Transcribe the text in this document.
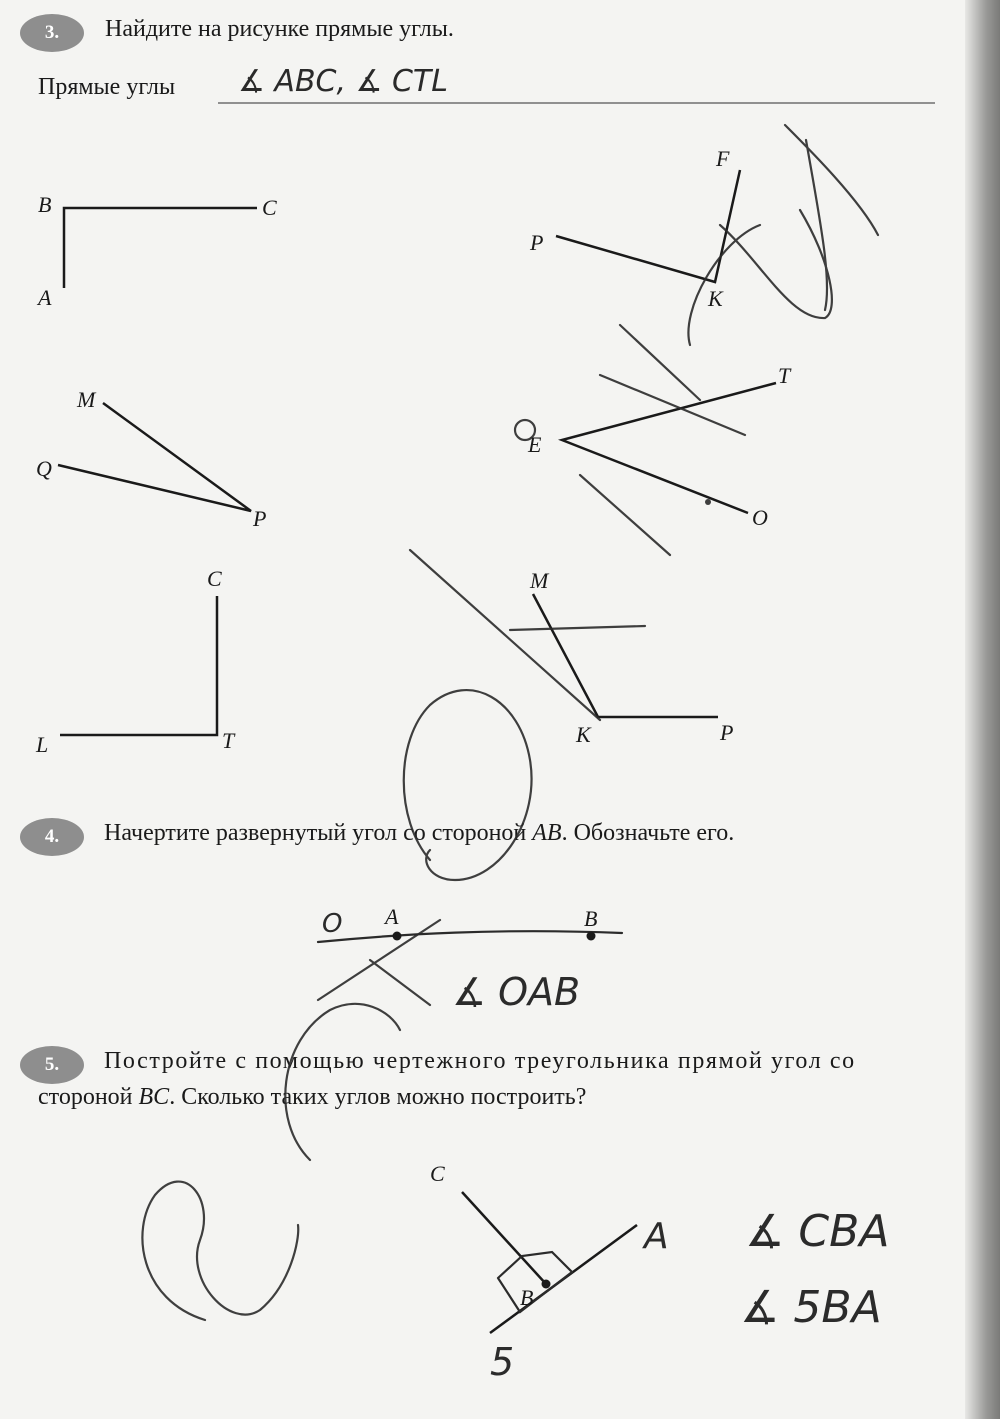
3.	Найдите на рисунке прямые углы.
Прямые углы ∡ ABC, ∡ CTL
4.	Начертите развернутый угол со стороной AB. Обозначьте его.
5.	Постройте с помощью чертежного треугольника прямой угол со
стороной BC. Сколько таких углов можно построить?
B	C
A
F
P
K
M
Q
P
T
E
O
C
L	T
M
K	P
A	B
O
∡ OAB
C
B
A
5
∡ CBA
∡ 5BA
